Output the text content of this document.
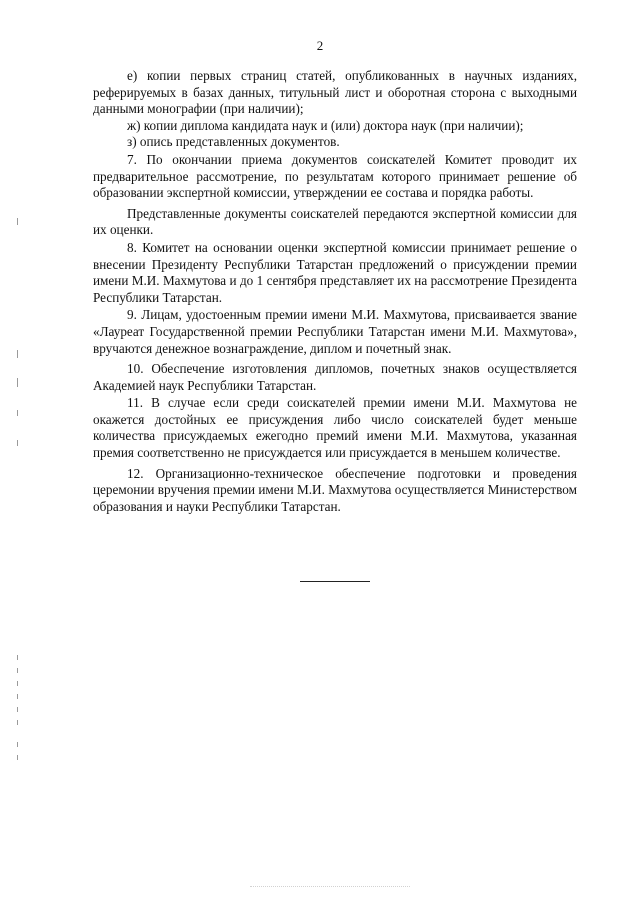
2

е) копии первых страниц статей, опубликованных в научных изданиях, реферируемых в базах данных, титульный лист и оборотная сторона с выходными данными монографии (при наличии);

ж) копии диплома кандидата наук и (или) доктора наук (при наличии);

з) опись представленных документов.

7. По окончании приема документов соискателей Комитет проводит их предварительное рассмотрение, по результатам которого принимает решение об образовании экспертной комиссии, утверждении ее состава и порядка работы.

Представленные документы соискателей передаются экспертной комиссии для их оценки.

8. Комитет на основании оценки экспертной комиссии принимает решение о внесении Президенту Республики Татарстан предложений о присуждении премии имени М.И. Махмутова и до 1 сентября представляет их на рассмотрение Президента Республики Татарстан.

9. Лицам, удостоенным премии имени М.И. Махмутова, присваивается звание «Лауреат Государственной премии Республики Татарстан имени М.И. Махмутова», вручаются денежное вознаграждение, диплом и почетный знак.

10. Обеспечение изготовления дипломов, почетных знаков осуществляется Академией наук Республики Татарстан.

11. В случае если среди соискателей премии имени М.И. Махмутова не окажется достойных ее присуждения либо число соискателей будет меньше количества присуждаемых ежегодно премий имени М.И. Махмутова, указанная премия соответственно не присуждается или присуждается в меньшем количестве.

12. Организационно-техническое обеспечение подготовки и проведения церемонии вручения премии имени М.И. Махмутова осуществляется Министерством образования и науки Республики Татарстан.
